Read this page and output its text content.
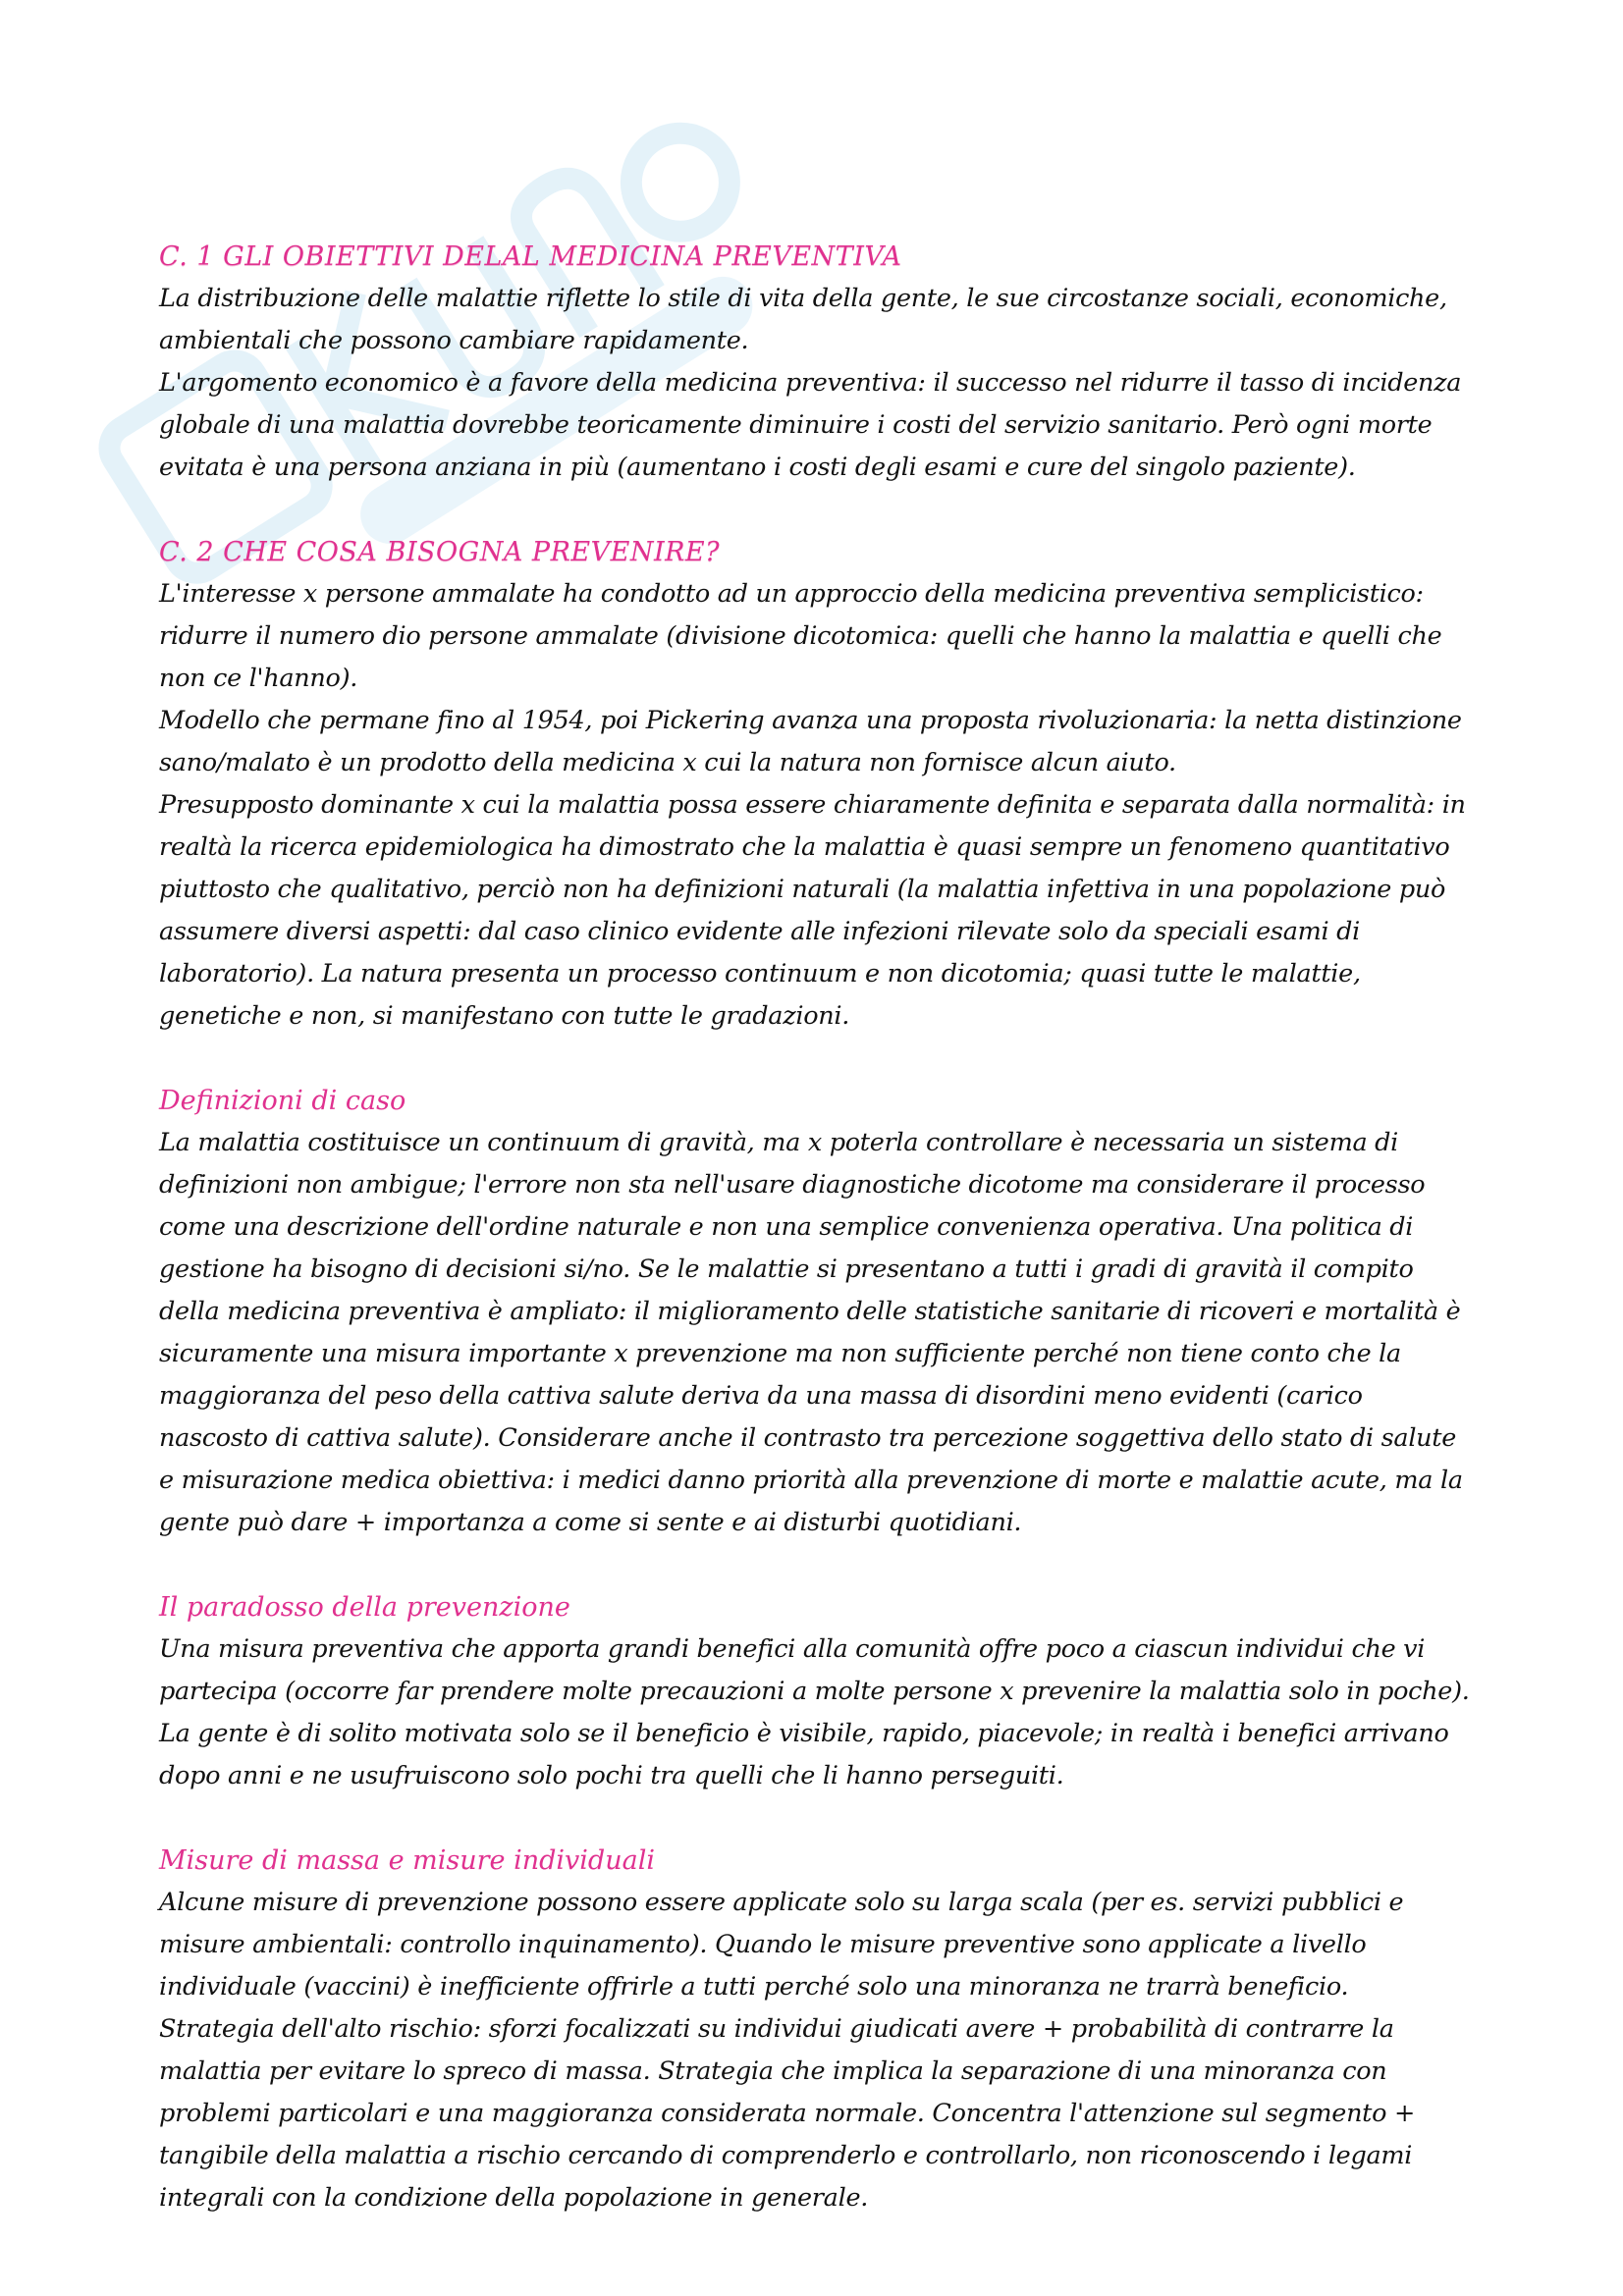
C. 1 GLI OBIETTIVI DELAL MEDICINA PREVENTIVA

La distribuzione delle malattie riflette lo stile di vita della gente, le sue circostanze sociali, economiche, ambientali che possono cambiare rapidamente.

L'argomento economico è a favore della medicina preventiva: il successo nel ridurre il tasso di incidenza globale di una malattia dovrebbe teoricamente diminuire i costi del servizio sanitario. Però ogni morte evitata è una persona anziana in più (aumentano i costi degli esami e cure del singolo paziente).

C. 2 CHE COSA BISOGNA PREVENIRE?

L'interesse x persone ammalate ha condotto ad un approccio della medicina preventiva semplicistico: ridurre il numero dio persone ammalate (divisione dicotomica: quelli che hanno la malattia e quelli che non ce l'hanno).

Modello che permane fino al 1954, poi Pickering avanza una proposta rivoluzionaria: la netta distinzione sano/malato è un prodotto della medicina x cui la natura non fornisce alcun aiuto.

Presupposto dominante x cui la malattia possa essere chiaramente definita e separata dalla normalità: in realtà la ricerca epidemiologica ha dimostrato che la malattia è quasi sempre un fenomeno quantitativo piuttosto che qualitativo, perciò non ha definizioni naturali (la malattia infettiva in una popolazione può assumere diversi aspetti: dal caso clinico evidente alle infezioni rilevate solo da speciali esami di laboratorio). La natura presenta un processo continuum e non dicotomia; quasi tutte le malattie, genetiche e non, si manifestano con tutte le gradazioni.

Definizioni di caso

La malattia costituisce un continuum di gravità, ma x poterla controllare è necessaria un sistema di definizioni non ambigue; l'errore non sta nell'usare diagnostiche dicotome ma considerare il processo come una descrizione dell'ordine naturale e non una semplice convenienza operativa. Una politica di gestione ha bisogno di decisioni si/no. Se le malattie si presentano a tutti i gradi di gravità il compito della medicina preventiva è ampliato: il miglioramento delle statistiche sanitarie di ricoveri e mortalità è sicuramente una misura importante x prevenzione ma non sufficiente perché non tiene conto che la maggioranza del peso della cattiva salute deriva da una massa di disordini meno evidenti (carico nascosto di cattiva salute). Considerare anche il contrasto tra percezione soggettiva dello stato di salute e misurazione medica obiettiva: i medici danno priorità alla prevenzione di morte e malattie acute, ma la gente può dare + importanza a come si sente e ai disturbi quotidiani.

Il paradosso della prevenzione

Una misura preventiva che apporta grandi benefici alla comunità offre poco a ciascun individui che vi partecipa (occorre far prendere molte precauzioni a molte persone x prevenire la malattia solo in poche). La gente è di solito motivata solo se il beneficio è visibile, rapido, piacevole; in realtà i benefici arrivano dopo anni e ne usufruiscono solo pochi tra quelli che li hanno perseguiti.

Misure di massa e misure individuali

Alcune misure di prevenzione possono essere applicate solo su larga scala (per es. servizi pubblici e misure ambientali: controllo inquinamento). Quando le misure preventive sono applicate a livello individuale (vaccini) è inefficiente offrirle a tutti perché solo una minoranza ne trarrà beneficio.

Strategia dell'alto rischio: sforzi focalizzati su individui giudicati avere + probabilità di contrarre la malattia per evitare lo spreco di massa. Strategia che implica la separazione di una minoranza con problemi particolari e una maggioranza considerata normale. Concentra l'attenzione sul segmento + tangibile della malattia a rischio cercando di comprenderlo e controllarlo, non riconoscendo i legami integrali con la condizione della popolazione in generale.
